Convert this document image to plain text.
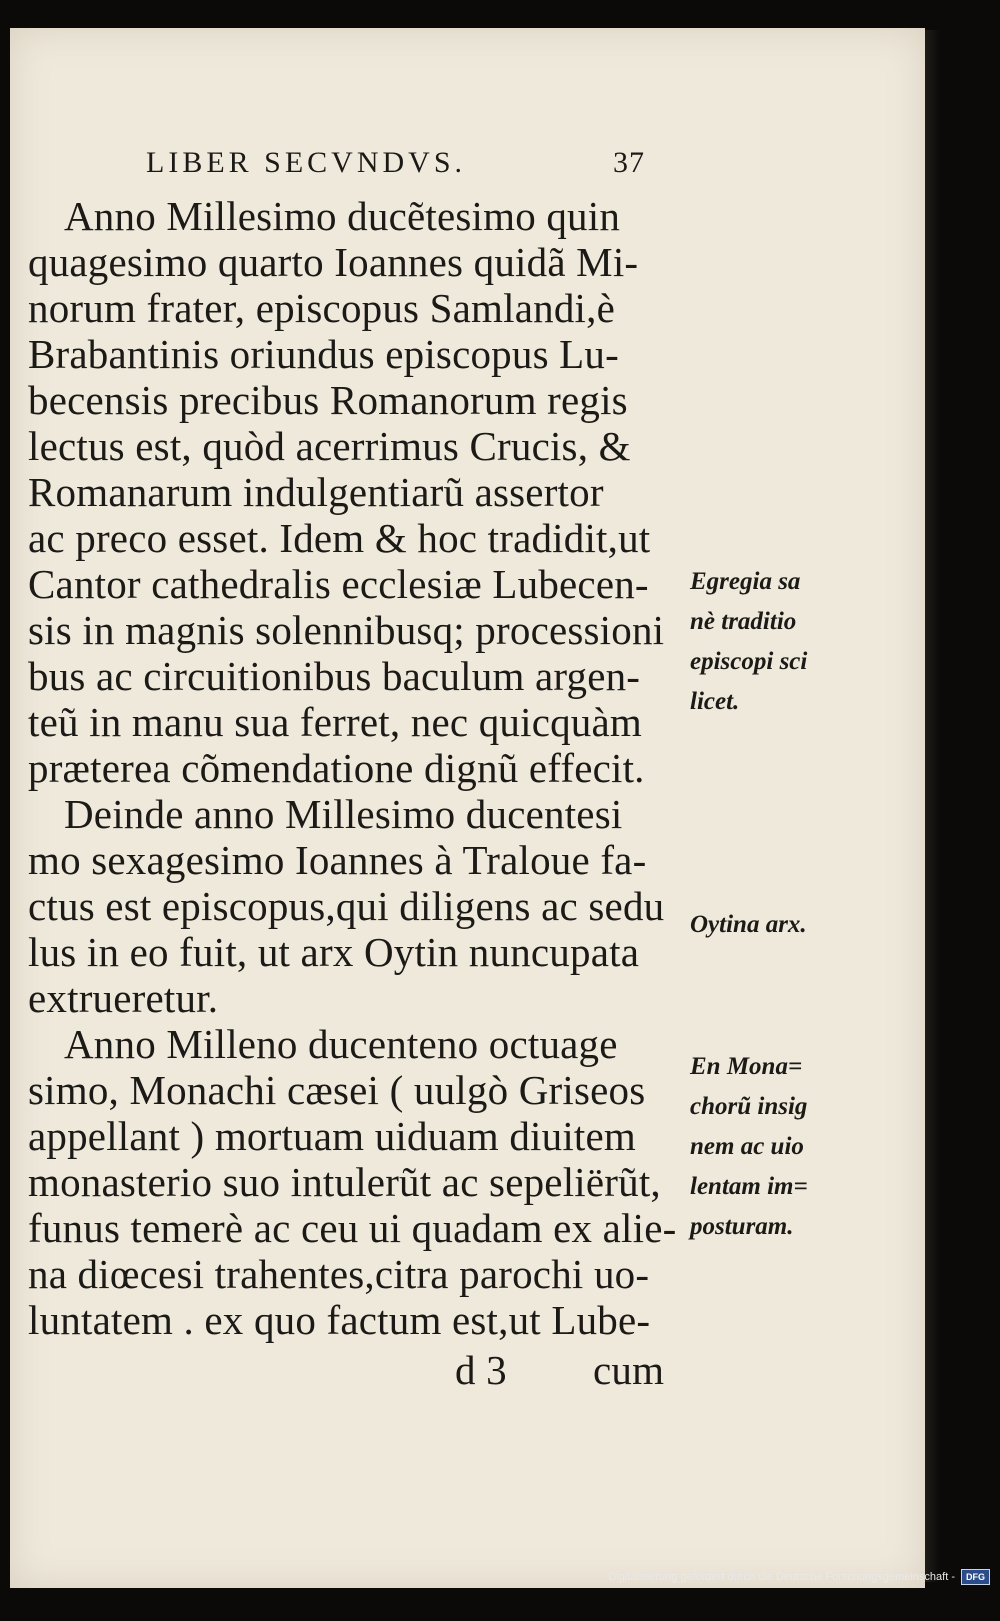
LIBER SECVNDVS.	37
Anno Millesimo ducẽtesimo quin
quagesimo quarto Ioannes quidã Mi-
norum frater, episcopus Samlandi,è
Brabantinis oriundus episcopus Lu-
becensis precibus Romanorum regis
lectus est, quòd acerrimus Crucis, &
Romanarum indulgentiarũ assertor
ac preco esset. Idem & hoc tradidit,ut
Cantor cathedralis ecclesiæ Lubecen-
sis in magnis solennibusq; processioni
bus ac circuitionibus baculum argen-
teũ in manu sua ferret, nec quicquàm
præterea cõmendatione dignũ effecit.
Deinde anno Millesimo ducentesi
mo sexagesimo Ioannes à Traloue fa-
ctus est episcopus,qui diligens ac sedu
lus in eo fuit, ut arx Oytin nuncupata
extrueretur.
Anno Milleno ducenteno octuage
simo, Monachi cæsei ( uulgò Griseos
appellant ) mortuam uiduam diuitem
monasterio suo intulerũt ac sepeliërũt,
funus temerè ac ceu ui quadam ex alie-
na diœcesi trahentes,citra parochi uo-
luntatem . ex quo factum est,ut Lube-
d 3 cum
Egregia sa
nè traditio
episcopi sci
licet.
Oytina arx.
En Mona=
chorũ insig
nem ac uio
lentam im=
posturam.
Digitalisierung gefördert durch die Deutsche Forschungsgemeinschaft -	DFG
